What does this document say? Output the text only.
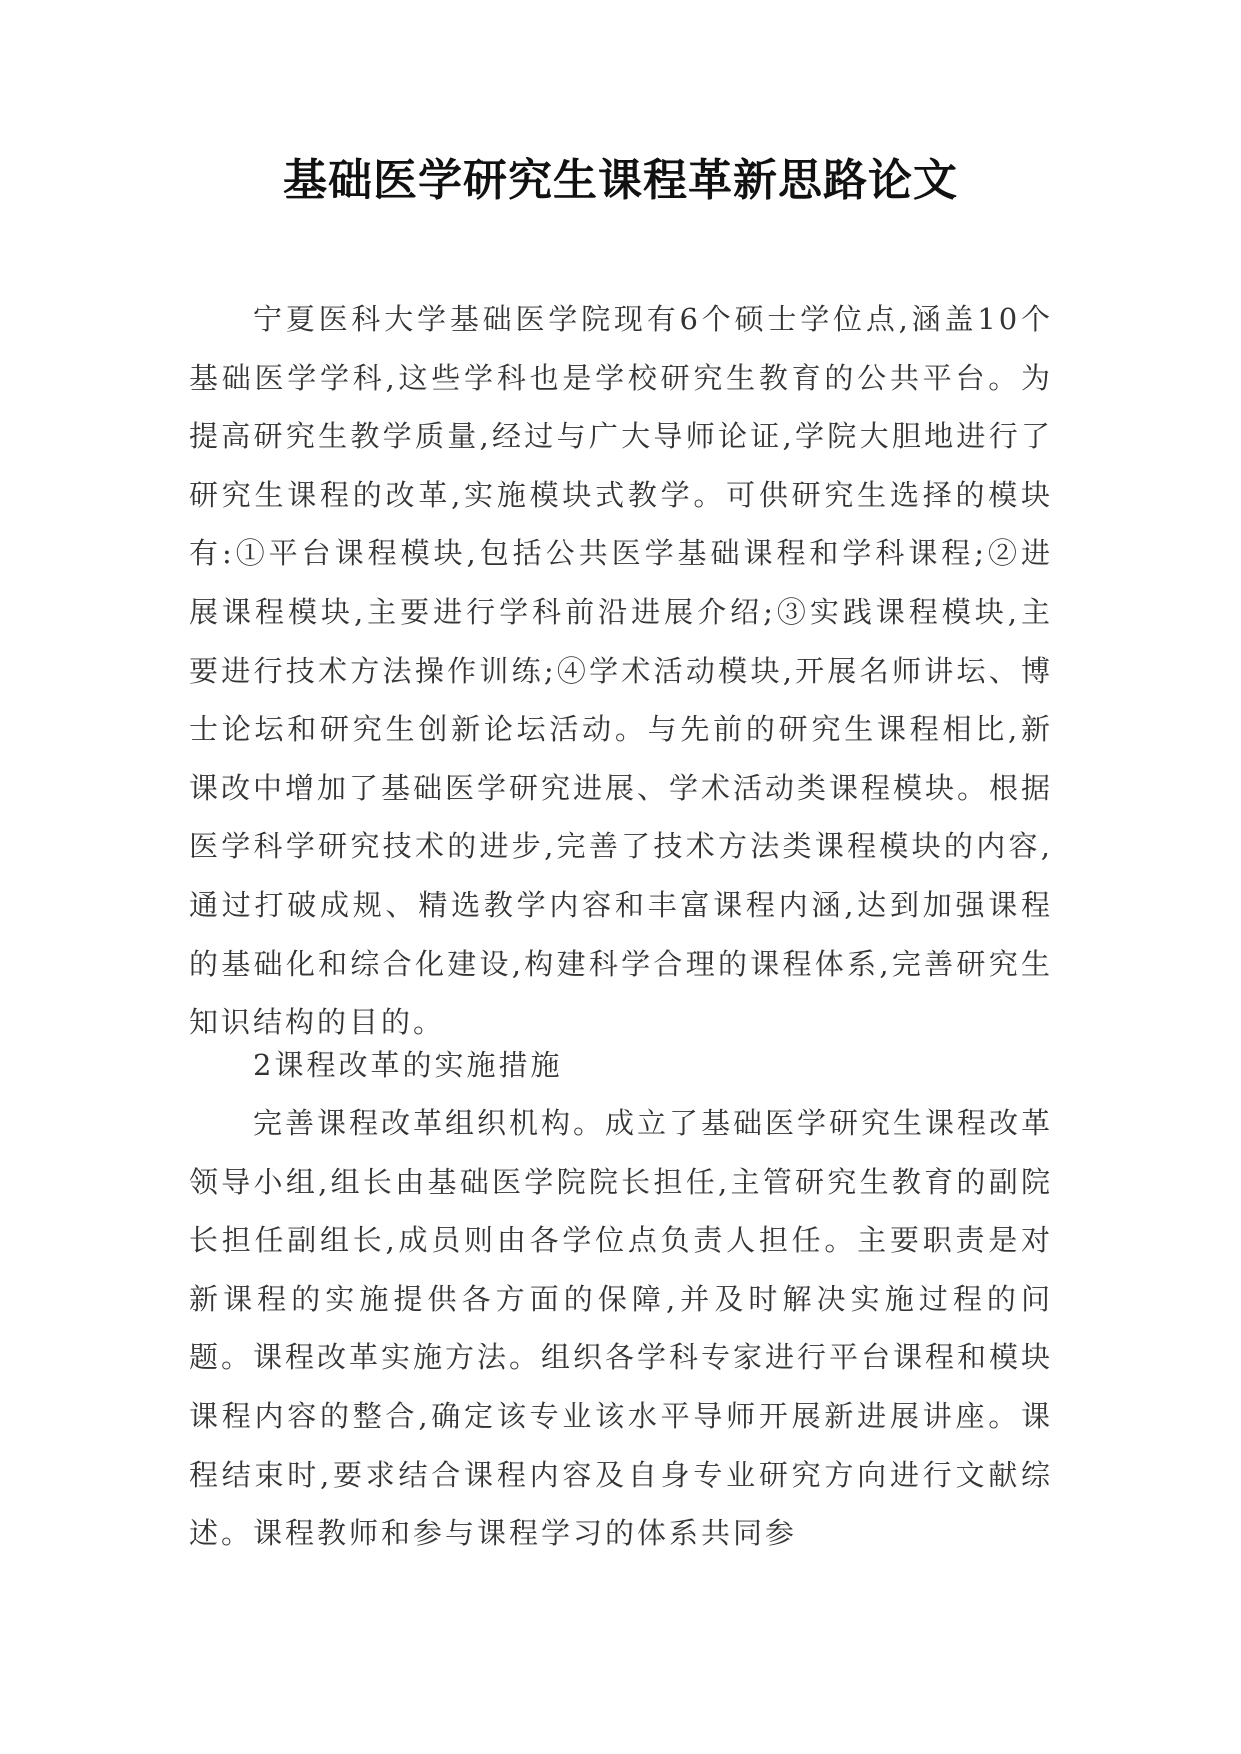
基础医学研究生课程革新思路论文

宁夏医科大学基础医学院现有6个硕士学位点,涵盖10个基础医学学科,这些学科也是学校研究生教育的公共平台。为提高研究生教学质量,经过与广大导师论证,学院大胆地进行了研究生课程的改革,实施模块式教学。可供研究生选择的模块有:①平台课程模块,包括公共医学基础课程和学科课程;②进展课程模块,主要进行学科前沿进展介绍;③实践课程模块,主要进行技术方法操作训练;④学术活动模块,开展名师讲坛、博士论坛和研究生创新论坛活动。与先前的研究生课程相比,新课改中增加了基础医学研究进展、学术活动类课程模块。根据医学科学研究技术的进步,完善了技术方法类课程模块的内容,通过打破成规、精选教学内容和丰富课程内涵,达到加强课程的基础化和综合化建设,构建科学合理的课程体系,完善研究生知识结构的目的。

2课程改革的实施措施

完善课程改革组织机构。成立了基础医学研究生课程改革领导小组,组长由基础医学院院长担任,主管研究生教育的副院长担任副组长,成员则由各学位点负责人担任。主要职责是对新课程的实施提供各方面的保障,并及时解决实施过程的问题。课程改革实施方法。组织各学科专家进行平台课程和模块课程内容的整合,确定该专业该水平导师开展新进展讲座。课程结束时,要求结合课程内容及自身专业研究方向进行文献综述。课程教师和参与课程学习的体系共同参
